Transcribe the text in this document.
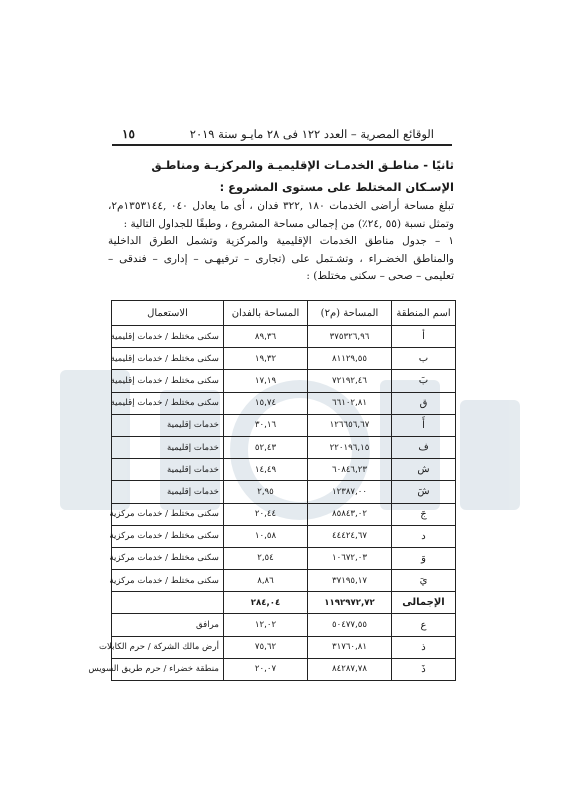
الوقائع المصرية – العدد ١٢٢ فى ٢٨ مايـو سنة ٢٠١٩
١٥
ثانيًا - مناطـق الخدمـات الإقليميـة والمركزيـة ومناطـق الإسـكان المختلط على مستوى المشروع :

تبلغ مساحة أراضى الخدمات ١٨٠ ,٣٢٢ فدان ، أى ما يعادل ٠٤٠ ,١٣٥٣١٤٤م٢، وتمثل نسبة (٥٥ ,٢٤٪) من إجمالى مساحة المشروع ، وطبقًا للجداول التالية :

١ – جدول مناطق الخدمات الإقليمية والمركزية وتشمل الطرق الداخلية والمناطق الخضـراء ، وتشـتمل على (تجارى – ترفيهـى – إدارى – فندقى – تعليمى – صحى – سكنى مختلط) :

اسم المنطقة	المساحة (م٢)	المساحة بالفدان	الاستعمال
أ	٣٧٥٣٢٦,٩٦	٨٩,٣٦	سكنى مختلط / خدمات إقليمية
ب	٨١١٢٩,٥٥	١٩,٣٢	سكنى مختلط / خدمات إقليمية
بَ	٧٢١٩٢,٤٦	١٧,١٩	سكنى مختلط / خدمات إقليمية
ق	٦٦١٠٢,٨١	١٥,٧٤	سكنى مختلط / خدمات إقليمية
أَ	١٢٦٦٥٦,٦٧	٣٠,١٦	خدمات إقليمية
ف	٢٢٠١٩٦,١٥	٥٢,٤٣	خدمات إقليمية
ش	٦٠٨٤٦,٢٣	١٤,٤٩	خدمات إقليمية
شَ	١٢٣٨٧,٠٠	٢,٩٥	خدمات إقليمية
جَ	٨٥٨٤٣,٠٢	٢٠,٤٤	سكنى مختلط / خدمات مركزية
د	٤٤٤٢٤,٦٧	١٠,٥٨	سكنى مختلط / خدمات مركزية
وَ	١٠٦٧٢,٠٣	٢,٥٤	سكنى مختلط / خدمات مركزية
يَ	٣٧١٩٥,١٧	٨,٨٦	سكنى مختلط / خدمات مركزية
الإجمالى	١١٩٢٩٧٢,٧٢	٢٨٤,٠٤	
ع	٥٠٤٧٧,٥٥	١٢,٠٢	مرافق
ذ	٣١٧٦٠,٨١	٧٥,٦٢	أرض مالك الشركة / حرم الكابلات
ذَ	٨٤٢٨٧,٧٨	٢٠,٠٧	منطقة خضراء / حرم طريق السويس
